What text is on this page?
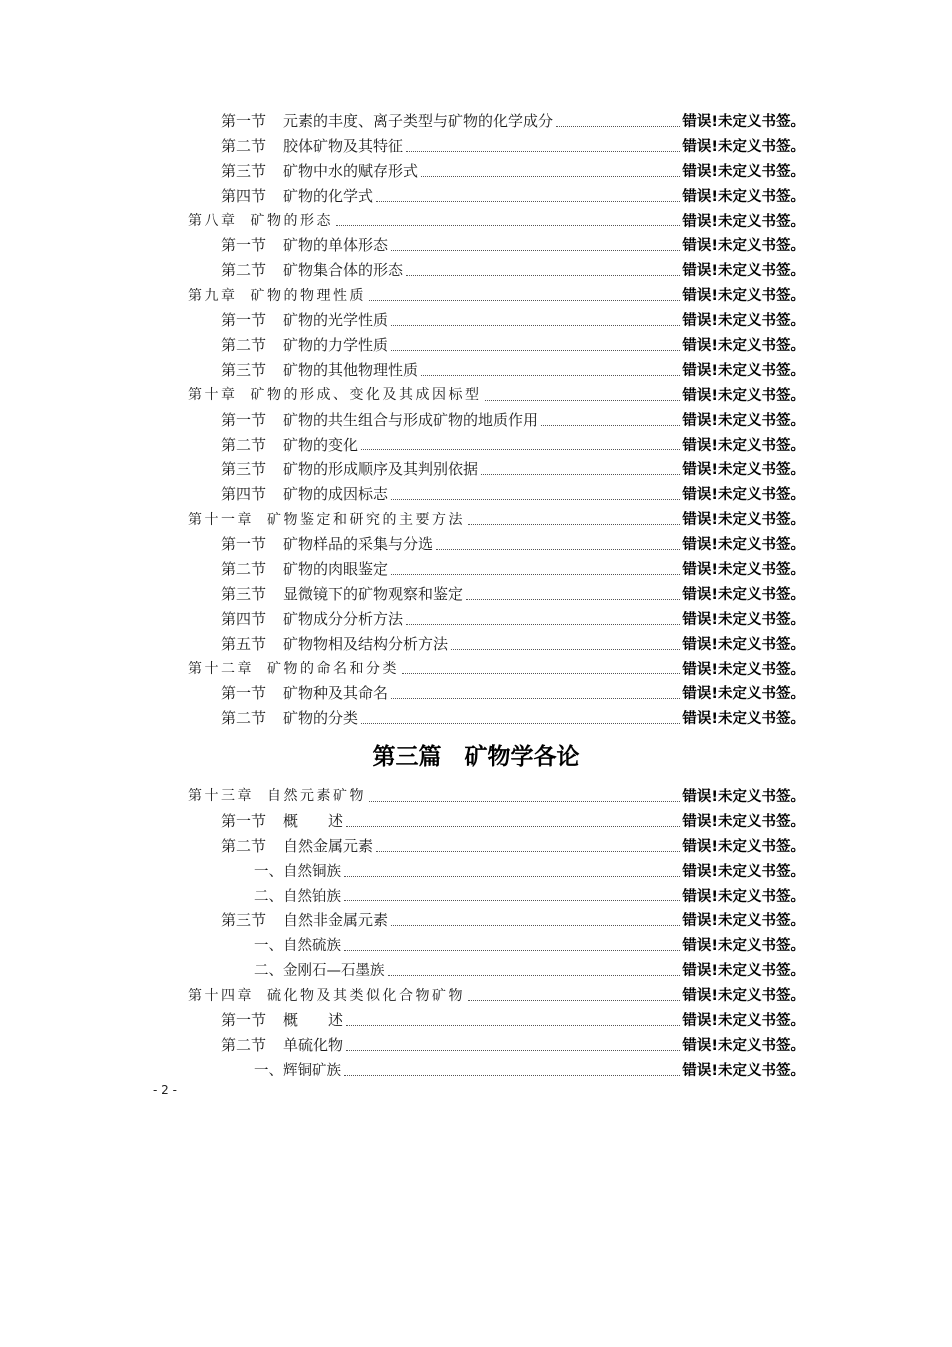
第一节 元素的丰度、离子类型与矿物的化学成分	错误!未定义书签。
第二节 胶体矿物及其特征	错误!未定义书签。
第三节 矿物中水的赋存形式	错误!未定义书签。
第四节 矿物的化学式	错误!未定义书签。
第八章 矿物的形态	错误!未定义书签。
第一节 矿物的单体形态	错误!未定义书签。
第二节 矿物集合体的形态	错误!未定义书签。
第九章 矿物的物理性质	错误!未定义书签。
第一节 矿物的光学性质	错误!未定义书签。
第二节 矿物的力学性质	错误!未定义书签。
第三节 矿物的其他物理性质	错误!未定义书签。
第十章 矿物的形成、变化及其成因标型	错误!未定义书签。
第一节 矿物的共生组合与形成矿物的地质作用	错误!未定义书签。
第二节 矿物的变化	错误!未定义书签。
第三节 矿物的形成顺序及其判别依据	错误!未定义书签。
第四节 矿物的成因标志	错误!未定义书签。
第十一章 矿物鉴定和研究的主要方法	错误!未定义书签。
第一节 矿物样品的采集与分选	错误!未定义书签。
第二节 矿物的肉眼鉴定	错误!未定义书签。
第三节 显微镜下的矿物观察和鉴定	错误!未定义书签。
第四节 矿物成分分析方法	错误!未定义书签。
第五节 矿物物相及结构分析方法	错误!未定义书签。
第十二章 矿物的命名和分类	错误!未定义书签。
第一节 矿物种及其命名	错误!未定义书签。
第二节 矿物的分类	错误!未定义书签。
第三篇 矿物学各论
第十三章 自然元素矿物	错误!未定义书签。
第一节 概　　述	错误!未定义书签。
第二节 自然金属元素	错误!未定义书签。
一、自然铜族	错误!未定义书签。
二、自然铂族	错误!未定义书签。
第三节 自然非金属元素	错误!未定义书签。
一、自然硫族	错误!未定义书签。
二、金刚石—石墨族	错误!未定义书签。
第十四章 硫化物及其类似化合物矿物	错误!未定义书签。
第一节 概　　述	错误!未定义书签。
第二节 单硫化物	错误!未定义书签。
一、辉铜矿族	错误!未定义书签。
- 2 -
